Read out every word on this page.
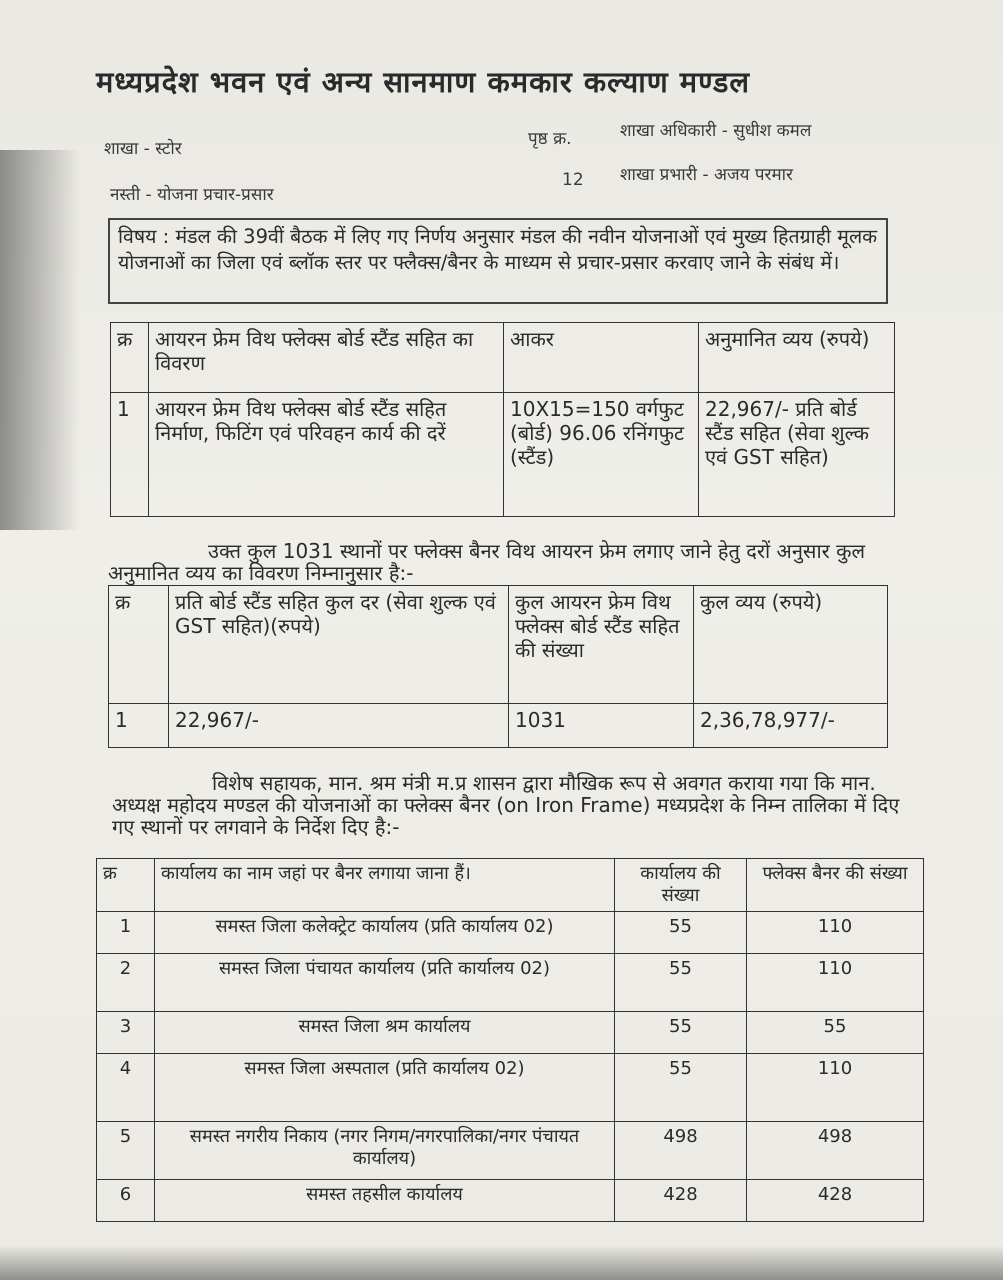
मध्यप्रदेश भवन एवं अन्य सानमाण कमकार कल्याण मण्डल
शाखा - स्टोर
नस्ती - योजना प्रचार-प्रसार
पृष्ठ क्र.
12
शाखा अधिकारी - सुधीश कमल
शाखा प्रभारी - अजय परमार
विषय : मंडल की 39वीं बैठक में लिए गए निर्णय अनुसार मंडल की नवीन योजनाओं एवं मुख्य हितग्राही मूलक योजनाओं का जिला एवं ब्लॉक स्तर पर फ्लैक्स/बैनर के माध्यम से प्रचार-प्रसार करवाए जाने के संबंध में।
क्र	आयरन फ्रेम विथ फ्लेक्स बोर्ड स्टैंड सहित का विवरण	आकर	अनुमानित व्यय (रुपये)
1	आयरन फ्रेम विथ फ्लेक्स बोर्ड स्टैंड सहित निर्माण, फिटिंग एवं परिवहन कार्य की दरें	10X15=150 वर्गफुट (बोर्ड) 96.06 रनिंगफुट (स्टैंड)	22,967/- प्रति बोर्ड स्टैंड सहित (सेवा शुल्क एवं GST सहित)
उक्त कुल 1031 स्थानों पर फ्लेक्स बैनर विथ आयरन फ्रेम लगाए जाने हेतु दरों अनुसार कुल अनुमानित व्यय का विवरण निम्नानुसार है:-
क्र	प्रति बोर्ड स्टैंड सहित कुल दर (सेवा शुल्क एवं GST सहित)(रुपये)	कुल आयरन फ्रेम विथ फ्लेक्स बोर्ड स्टैंड सहित की संख्या	कुल व्यय (रुपये)
1	22,967/-	1031	2,36,78,977/-
विशेष सहायक, मान. श्रम मंत्री म.प्र शासन द्वारा मौखिक रूप से अवगत कराया गया कि मान. अध्यक्ष महोदय मण्डल की योजनाओं का फ्लेक्स बैनर (on Iron Frame) मध्यप्रदेश के निम्न तालिका में दिए गए स्थानों पर लगवाने के निर्देश दिए है:-
क्र	कार्यालय का नाम जहां पर बैनर लगाया जाना हैं।	कार्यालय की संख्या	फ्लेक्स बैनर की संख्या
1	समस्त जिला कलेक्ट्रेट कार्यालय (प्रति कार्यालय 02)	55	110
2	समस्त जिला पंचायत कार्यालय (प्रति कार्यालय 02)	55	110
3	समस्त जिला श्रम कार्यालय	55	55
4	समस्त जिला अस्पताल (प्रति कार्यालय 02)	55	110
5	समस्त नगरीय निकाय (नगर निगम/नगरपालिका/नगर पंचायत कार्यालय)	498	498
6	समस्त तहसील कार्यालय	428	428
